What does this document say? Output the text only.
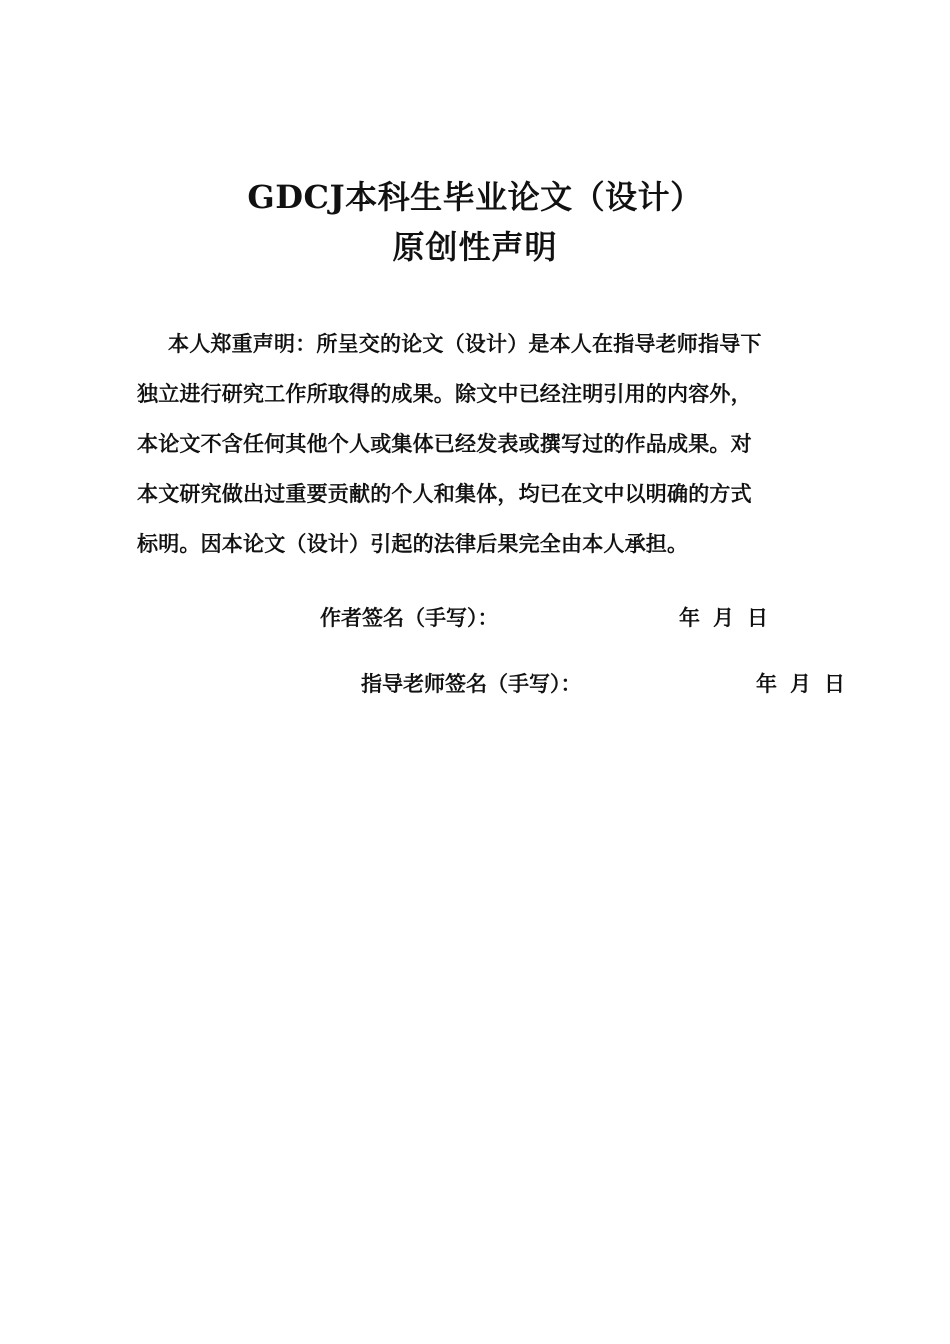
GDCJ本科生毕业论文（设计）
原创性声明
本人郑重声明：所呈交的论文（设计）是本人在指导老师指导下
独立进行研究工作所取得的成果。除文中已经注明引用的内容外，
本论文不含任何其他个人或集体已经发表或撰写过的作品成果。对
本文研究做出过重要贡献的个人和集体，均已在文中以明确的方式
标明。因本论文（设计）引起的法律后果完全由本人承担。
作者签名（手写）：	年 月 日
指导老师签名（手写）：	年 月 日
